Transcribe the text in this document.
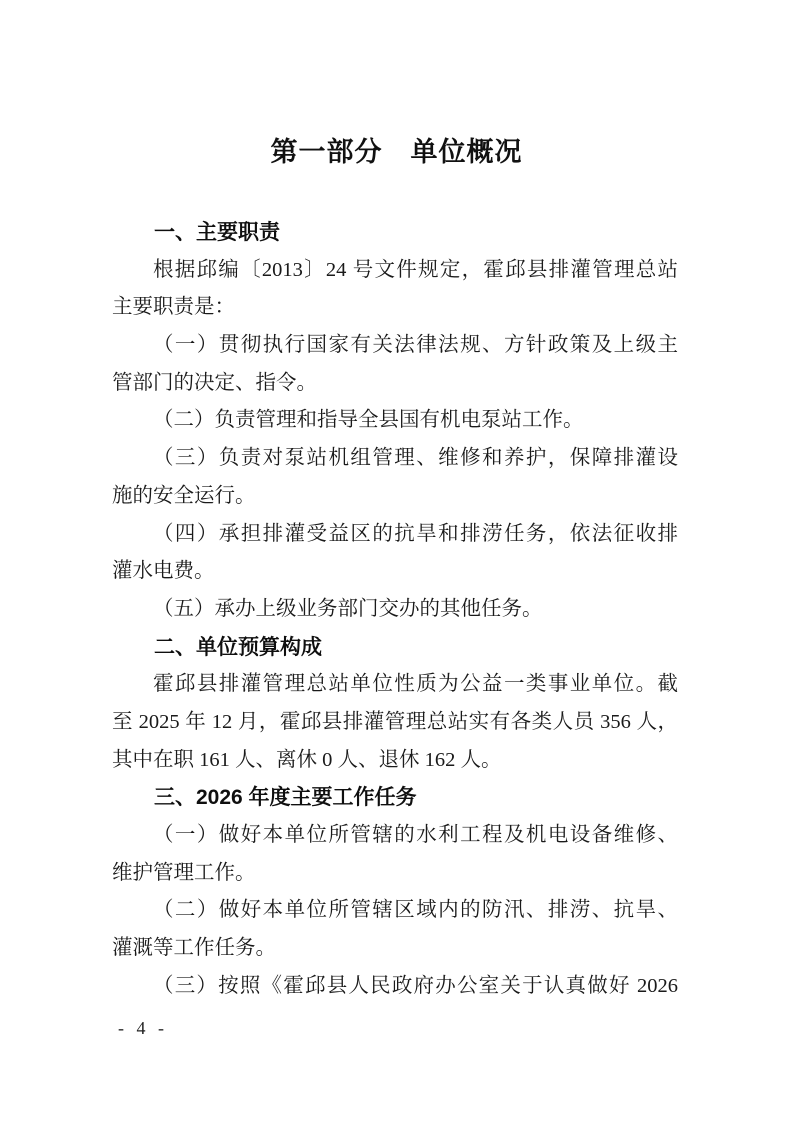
第一部分　单位概况
一、主要职责
根据邱编〔2013〕24 号文件规定，霍邱县排灌管理总站
主要职责是：
（一）贯彻执行国家有关法律法规、方针政策及上级主
管部门的决定、指令。
（二）负责管理和指导全县国有机电泵站工作。
（三）负责对泵站机组管理、维修和养护，保障排灌设
施的安全运行。
（四）承担排灌受益区的抗旱和排涝任务，依法征收排
灌水电费。
（五）承办上级业务部门交办的其他任务。
二、单位预算构成
霍邱县排灌管理总站单位性质为公益一类事业单位。截
至 2025 年 12 月，霍邱县排灌管理总站实有各类人员 356 人，
其中在职 161 人、离休 0 人、退休 162 人。
三、2026 年度主要工作任务
（一）做好本单位所管辖的水利工程及机电设备维修、
维护管理工作。
（二）做好本单位所管辖区域内的防汛、排涝、抗旱、
灌溉等工作任务。
（三）按照《霍邱县人民政府办公室关于认真做好 2026
- 4 -
